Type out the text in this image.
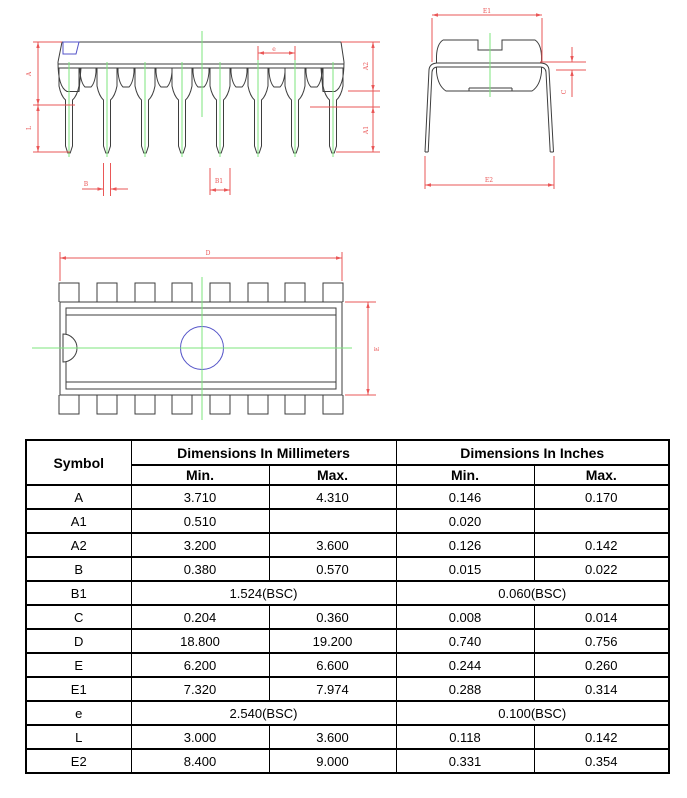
A
L
A2
A1
e
B	B1
E1
E2
C
D
E
Symbol	Dimensions In Millimeters		Dimensions In Inches	
	Min.	Max.	Min.	Max.
A	3.710	4.310	0.146	0.170
A1	0.510		0.020	
A2	3.200	3.600	0.126	0.142
B	0.380	0.570	0.015	0.022
B1	1.524(BSC)		0.060(BSC)	
C	0.204	0.360	0.008	0.014
D	18.800	19.200	0.740	0.756
E	6.200	6.600	0.244	0.260
E1	7.320	7.974	0.288	0.314
e	2.540(BSC)		0.100(BSC)	
L	3.000	3.600	0.118	0.142
E2	8.400	9.000	0.331	0.354
